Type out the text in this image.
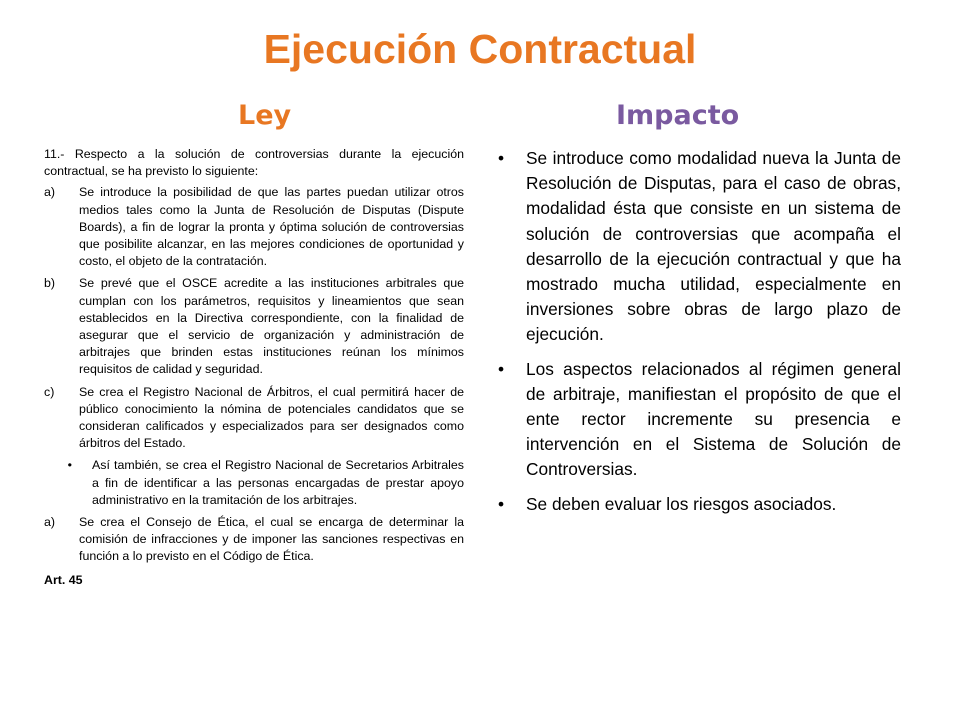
Ejecución Contractual
Ley	Impacto

11.- Respecto a la solución de controversias durante la ejecución contractual, se ha previsto lo siguiente:

a)	Se introduce la posibilidad de que las partes puedan utilizar otros medios tales como la Junta de Resolución de Disputas (Dispute Boards), a fin de lograr la pronta y óptima solución de controversias que posibilite alcanzar, en las mejores condiciones de oportunidad y costo, el objeto de la contratación.
b)	Se prevé que el OSCE acredite a las instituciones arbitrales que cumplan con los parámetros, requisitos y lineamientos que sean establecidos en la Directiva correspondiente, con la finalidad de asegurar que el servicio de organización y administración de arbitrajes que brinden estas instituciones reúnan los mínimos requisitos de calidad y seguridad.
c)	Se crea el Registro Nacional de Árbitros, el cual permitirá hacer de público conocimiento la nómina de potenciales candidatos que se consideran calificados y especializados para ser designados como árbitros del Estado.
•	Así también, se crea el Registro Nacional de Secretarios Arbitrales a fin de identificar a las personas encargadas de prestar apoyo administrativo en la tramitación de los arbitrajes.
a)	Se crea el Consejo de Ética, el cual se encarga de determinar la comisión de infracciones y de imponer las sanciones respectivas en función a lo previsto en el Código de Ética.
Art. 45
•	Se introduce como modalidad nueva la Junta de Resolución de Disputas, para el caso de obras, modalidad ésta que consiste en un sistema de solución de controversias que acompaña el desarrollo de la ejecución contractual y que ha mostrado mucha utilidad, especialmente en inversiones sobre obras de largo plazo de ejecución.
•	Los aspectos relacionados al régimen general de arbitraje, manifiestan el propósito de que el ente rector incremente su presencia e intervención en el Sistema de Solución de Controversias.
•	Se deben evaluar los riesgos asociados.
